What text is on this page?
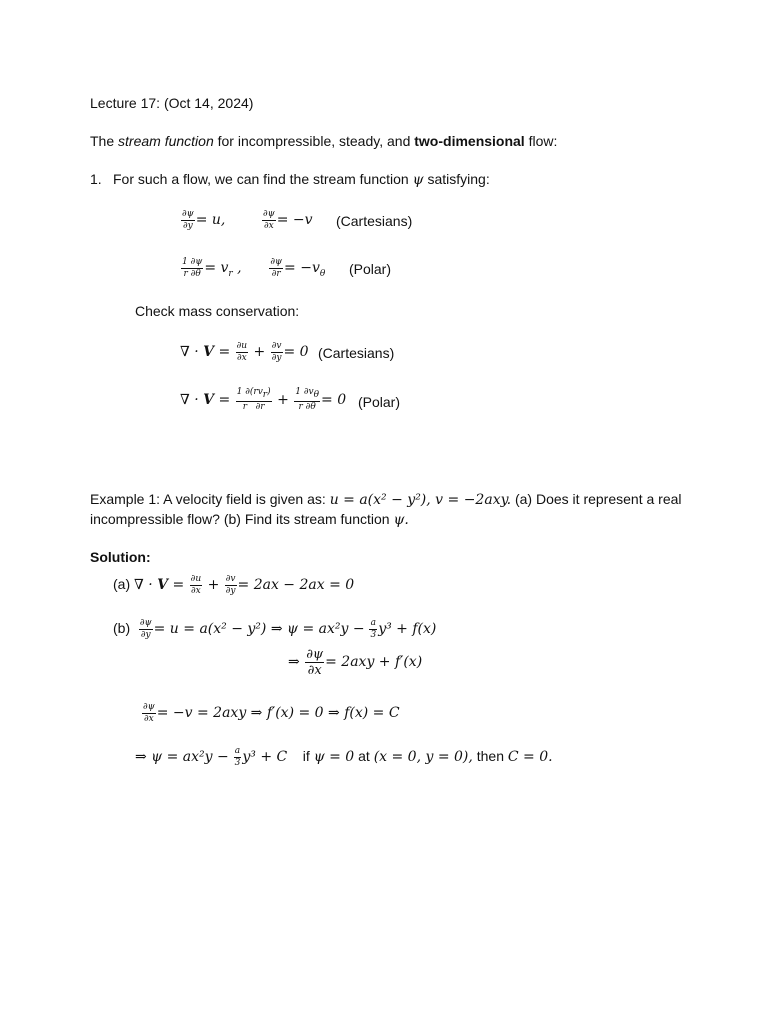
Lecture 17: (Oct 14, 2024)
The stream function for incompressible, steady, and two-dimensional flow:
1. For such a flow, we can find the stream function ψ satisfying:
$\frac{\partial\psi}{\partial y} = u$, $\frac{\partial\psi}{\partial x} = -v$ (Cartesians)
$\frac{1 \partial\psi}{r \partial\theta} = v_r$ , $\frac{\partial\psi}{\partial r} = -v_\theta$ (Polar)
Check mass conservation:
∇ · $V = \frac{\partial u}{\partial x} + \frac{\partial v}{\partial y} = 0$ (Cartesians)
∇ · $V = \frac{1 \partial(rv_r)}{r \partial r} + \frac{1 \partial v_\theta}{r \partial\theta} = 0$ (Polar)
Example 1: A velocity field is given as: u = a(x² − y²), v = −2axy. (a) Does it represent a real
incompressible flow? (b) Find its stream function ψ.
Solution:
(a) ∇ · $V = \frac{\partial u}{\partial x} + \frac{\partial v}{\partial y} = 2ax - 2ax = 0$
$(b) \frac{\partial\psi}{\partial y} = u = a(x^2 - y^2)$ ⇒ $\psi = ax^2y - \frac{a}{3} y^3 + f(x)$
⇒ $\frac{\partial\psi}{\partial x} = 2axy + f'(x)$
$\frac{\partial\psi}{\partial x} = -v = 2axy$ ⇒ f′(x) = 0 ⇒ f(x) = C
⇒ $\psi = ax^2y - \frac{a}{3} y^3 + C$ if ψ = 0 at (x = 0, y = 0), then C = 0.
